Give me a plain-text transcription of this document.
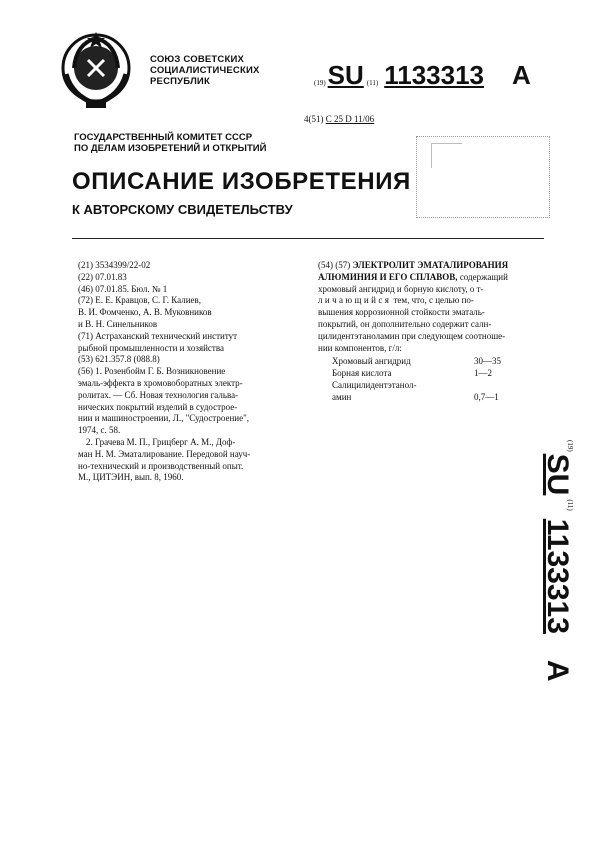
СОЮЗ СОВЕТСКИХ
СОЦИАЛИСТИЧЕСКИХ
РЕСПУБЛИК	(19) SU (11) 1133313 A
4(51) С 25 D 11/06
ГОСУДАРСТВЕННЫЙ КОМИТЕТ СССР
ПО ДЕЛАМ ИЗОБРЕТЕНИЙ И ОТКРЫТИЙ
ОПИСАНИЕ ИЗОБРЕТЕНИЯ
К АВТОРСКОМУ СВИДЕТЕЛЬСТВУ
(21) 3534399/22-02
(22) 07.01.83
(46) 07.01.85. Бюл. № 1
(72) Е. Е. Кравцов, С. Г. Калиев,
В. И. Фомченко, А. В. Муковников
и В. Н. Синельников
(71) Астраханский технический институт
рыбной промышленности и хозяйства
(53) 621.357.8 (088.8)
(56) 1. Розенбойм Г. Б. Возникновение
эмаль-эффекта в хромовоборатных электр-
ролитах. — Сб. Новая технология гальва-
нических покрытий изделий в судострое-
нии и машиностроении, Л., "Судостроение",
1974, с. 58.
2. Грачева М. П., Грицберг А. М., Доф-
ман Н. М. Эматалирование. Передовой науч-
но-технический и производственный опыт.
М., ЦИТЭИН, вып. 8, 1960.
(54) (57) ЭЛЕКТРОЛИТ ЭМАТАЛИРОВАНИЯ
АЛЮМИНИЯ И ЕГО СПЛАВОВ, содержащий
хромовый ангидрид и борную кислоту, о т-
личающийся тем, что, с целью по-
вышения коррозионной стойкости эматаль-
покрытий, он дополнительно содержит салн-
цилидентэтаноламин при следующем соотноше-
нии компонентов, г/л:
Хромовый ангидрид	30—35
Борная кислота	1—2
Салицилидентэтанол-
амин	0,7—1
(19)
SU
(11)
1133313
A
